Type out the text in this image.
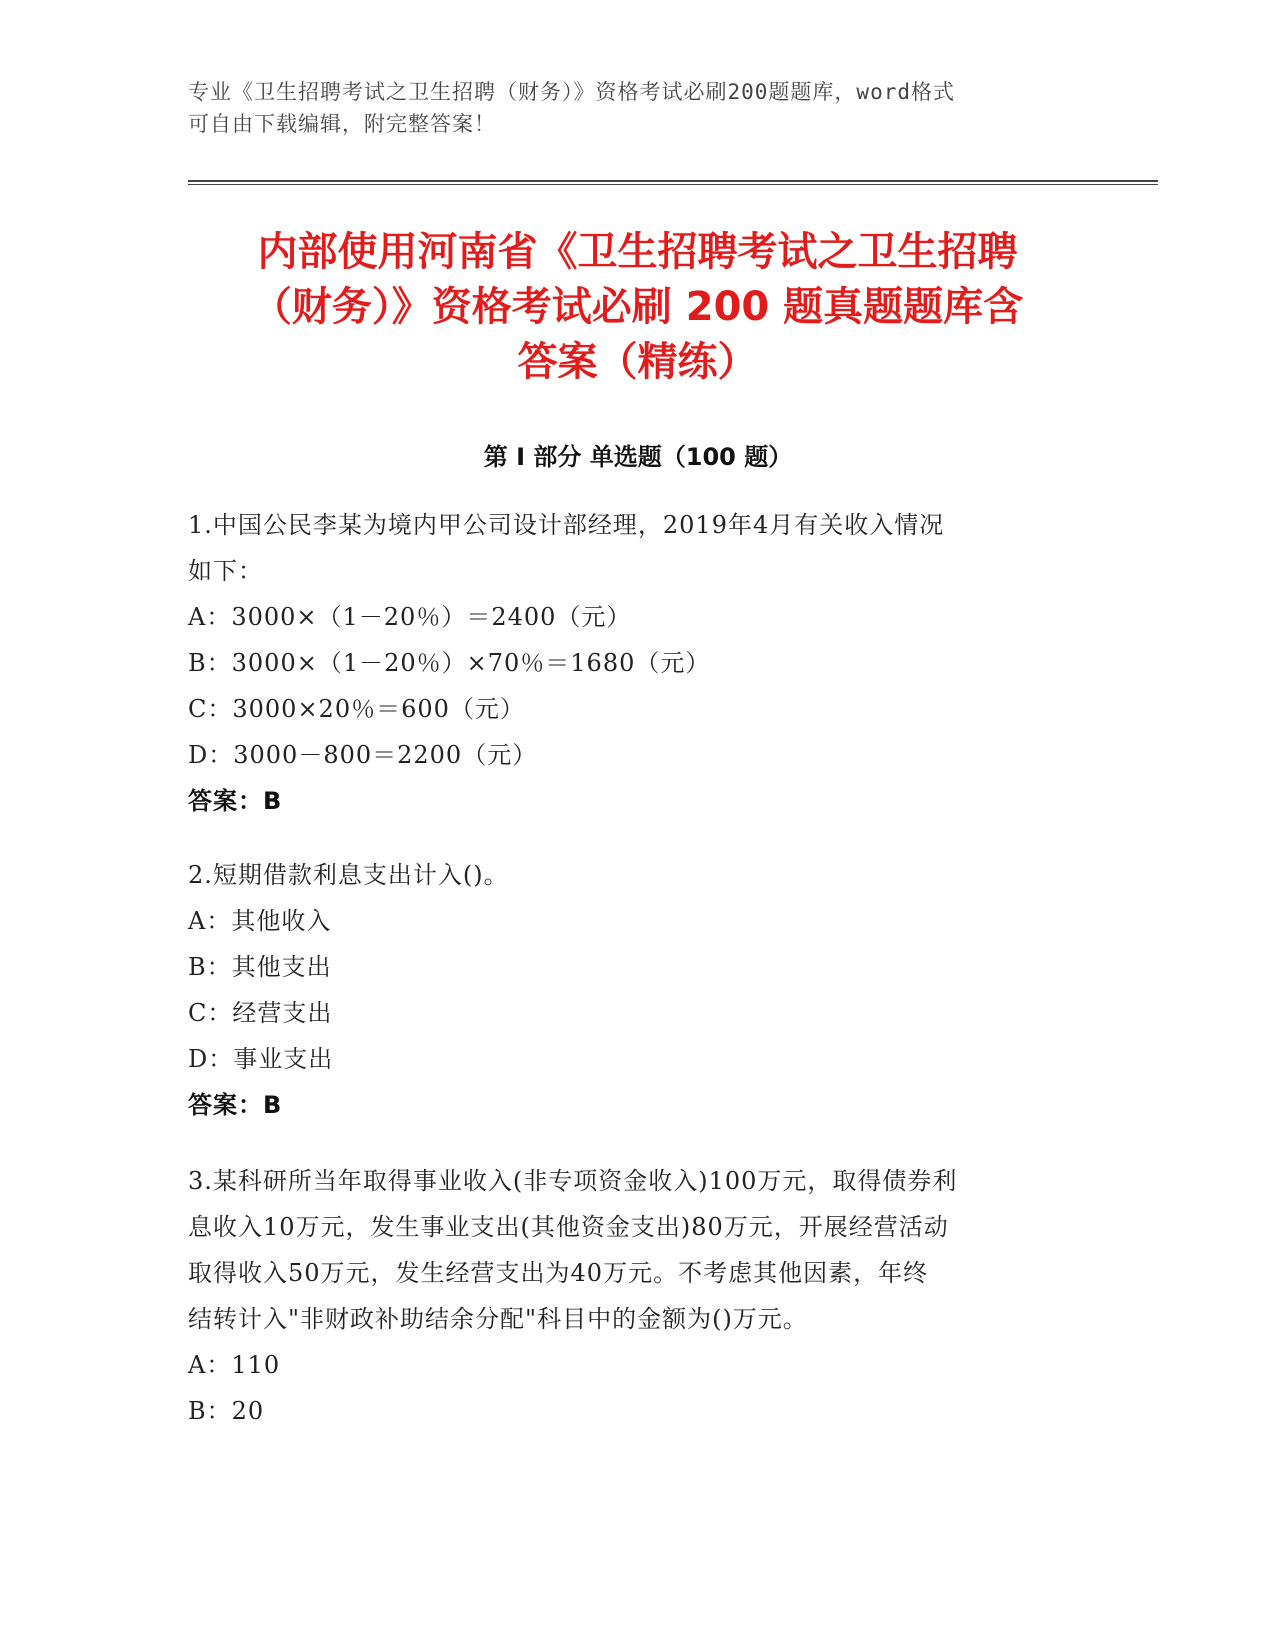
专业《卫生招聘考试之卫生招聘（财务）》资格考试必刷200题题库，word格式
可自由下载编辑，附完整答案！
内部使用河南省《卫生招聘考试之卫生招聘
（财务）》资格考试必刷 200 题真题题库含
答案（精练）
第 I 部分 单选题（100 题）
1.中国公民李某为境内甲公司设计部经理，2019年4月有关收入情况
如下：
A：3000×（1－20％）＝2400（元）
B：3000×（1－20％）×70％＝1680（元）
C：3000×20％＝600（元）
D：3000－800＝2200（元）
答案：B
2.短期借款利息支出计入()。
A：其他收入
B：其他支出
C：经营支出
D：事业支出
答案：B
3.某科研所当年取得事业收入(非专项资金收入)100万元，取得债券利
息收入10万元，发生事业支出(其他资金支出)80万元，开展经营活动
取得收入50万元，发生经营支出为40万元。不考虑其他因素，年终
结转计入"非财政补助结余分配"科目中的金额为()万元。
A：110
B：20
